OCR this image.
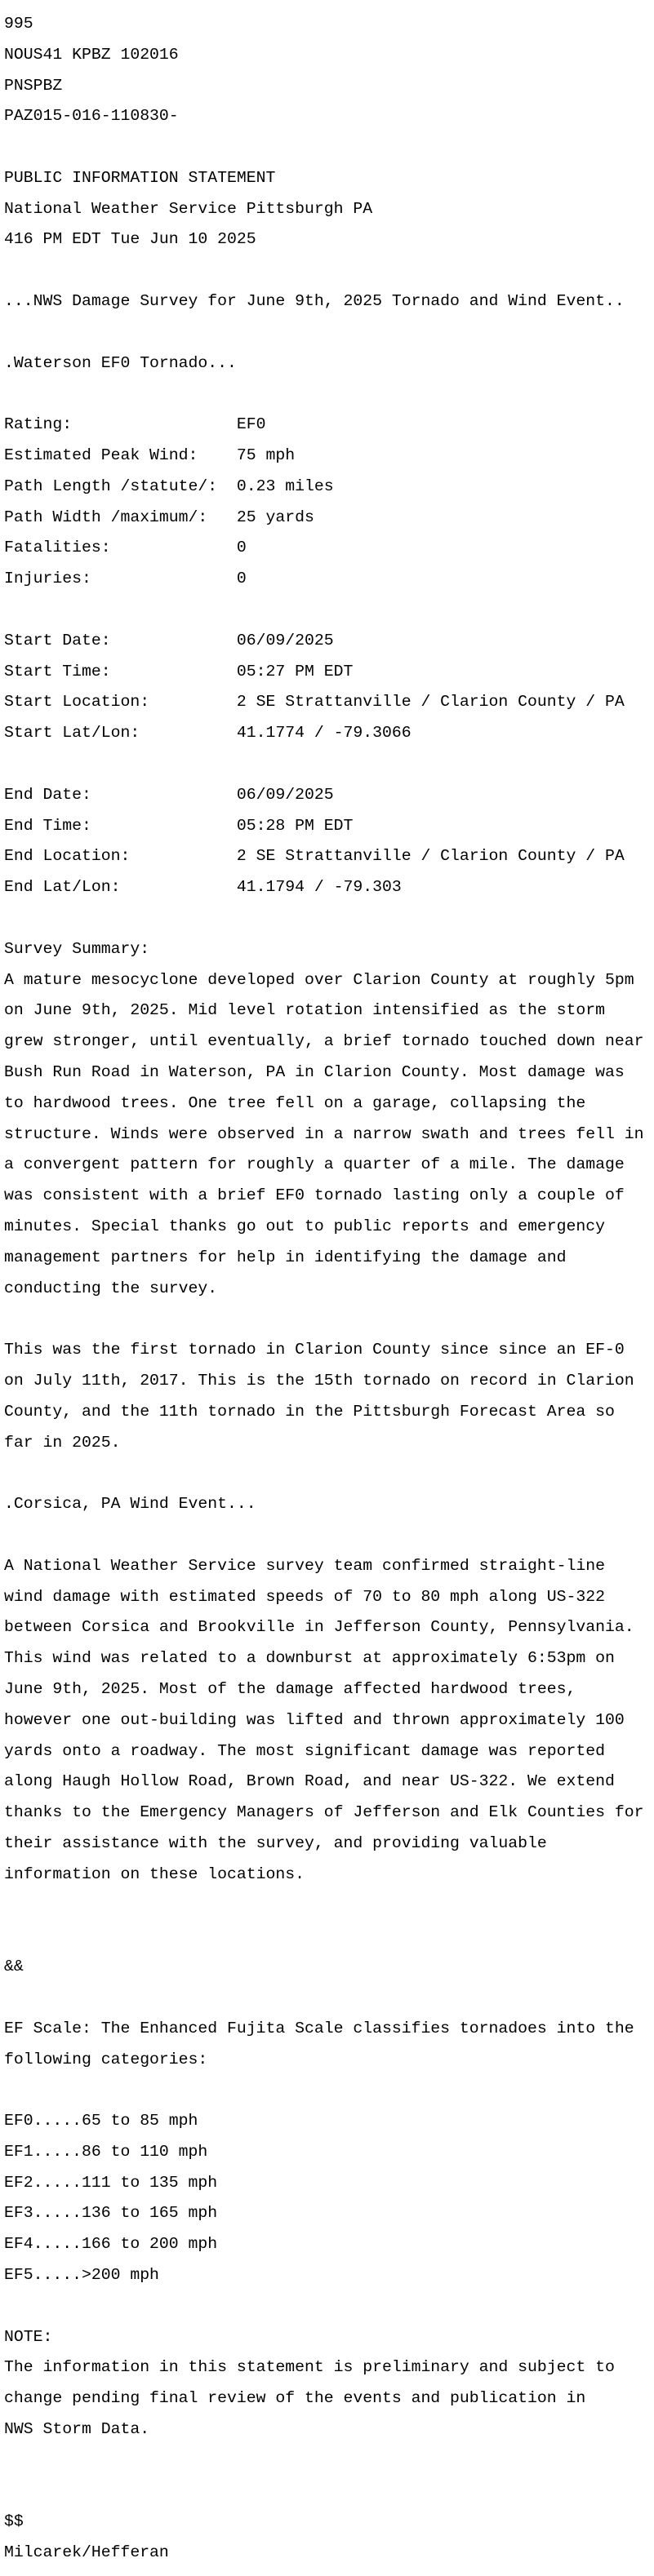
995

NOUS41 KPBZ 102016

PNSPBZ

PAZ015-016-110830-

PUBLIC INFORMATION STATEMENT

National Weather Service Pittsburgh PA

416 PM EDT Tue Jun 10 2025

...NWS Damage Survey for June 9th, 2025 Tornado and Wind Event..

.Waterson EF0 Tornado...

Rating:                 EF0

Estimated Peak Wind:    75 mph

Path Length /statute/:  0.23 miles

Path Width /maximum/:   25 yards

Fatalities:             0

Injuries:               0

Start Date:             06/09/2025

Start Time:             05:27 PM EDT

Start Location:         2 SE Strattanville / Clarion County / PA

Start Lat/Lon:          41.1774 / -79.3066

End Date:               06/09/2025

End Time:               05:28 PM EDT

End Location:           2 SE Strattanville / Clarion County / PA

End Lat/Lon:            41.1794 / -79.303

Survey Summary:

A mature mesocyclone developed over Clarion County at roughly 5pm

on June 9th, 2025. Mid level rotation intensified as the storm

grew stronger, until eventually, a brief tornado touched down near

Bush Run Road in Waterson, PA in Clarion County. Most damage was

to hardwood trees. One tree fell on a garage, collapsing the

structure. Winds were observed in a narrow swath and trees fell in

a convergent pattern for roughly a quarter of a mile. The damage

was consistent with a brief EF0 tornado lasting only a couple of

minutes. Special thanks go out to public reports and emergency

management partners for help in identifying the damage and

conducting the survey.

This was the first tornado in Clarion County since since an EF-0

on July 11th, 2017. This is the 15th tornado on record in Clarion

County, and the 11th tornado in the Pittsburgh Forecast Area so

far in 2025.

.Corsica, PA Wind Event...

A National Weather Service survey team confirmed straight-line

wind damage with estimated speeds of 70 to 80 mph along US-322

between Corsica and Brookville in Jefferson County, Pennsylvania.

This wind was related to a downburst at approximately 6:53pm on

June 9th, 2025. Most of the damage affected hardwood trees,

however one out-building was lifted and thrown approximately 100

yards onto a roadway. The most significant damage was reported

along Haugh Hollow Road, Brown Road, and near US-322. We extend

thanks to the Emergency Managers of Jefferson and Elk Counties for

their assistance with the survey, and providing valuable

information on these locations.

&&

EF Scale: The Enhanced Fujita Scale classifies tornadoes into the

following categories:

EF0.....65 to 85 mph

EF1.....86 to 110 mph

EF2.....111 to 135 mph

EF3.....136 to 165 mph

EF4.....166 to 200 mph

EF5.....>200 mph

NOTE:

The information in this statement is preliminary and subject to

change pending final review of the events and publication in

NWS Storm Data.

$$

Milcarek/Hefferan
